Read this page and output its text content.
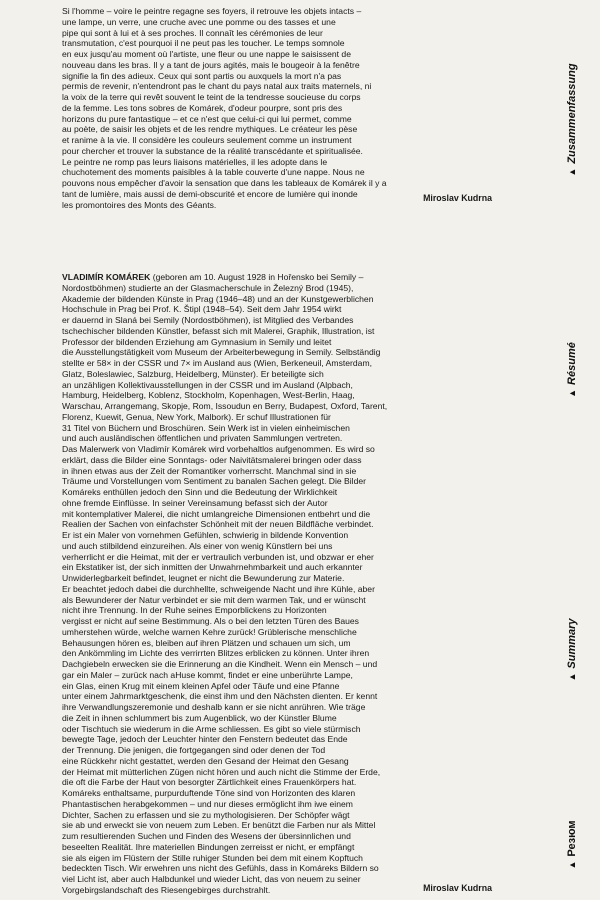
Si l'homme – voire le peintre regagne ses foyers, il retrouve les objets intacts –
une lampe, un verre, une cruche avec une pomme ou des tasses et une
pipe qui sont à lui et à ses proches. Il connaît les cérémonies de leur
transmutation, c'est pourquoi il ne peut pas les toucher. Le temps somnole
en eux jusqu'au moment où l'artiste, une fleur ou une nappe le saisissent de
nouveau dans les bras. Il y a tant de jours agités, mais le bougeoir à la fenêtre
signifie la fin des adieux. Ceux qui sont partis ou auxquels la mort n'a pas
permis de revenir, n'entendront pas le chant du pays natal aux traits maternels, ni
la voix de la terre qui revêt souvent le teint de la tendresse soucieuse du corps
de la femme. Les tons sobres de Komárek, d'odeur pourpre, sont pris des
horizons du pure fantastique – et ce n'est que celui-ci qui lui permet, comme
au poète, de saisir les objets et de les rendre mythiques. Le créateur les pèse
et ranime à la vie. Il considère les couleurs seulement comme un instrument
pour chercher et trouver la substance de la réalité transcédante et spiritualisée.
Le peintre ne romp pas leurs liaisons matérielles, il les adopte dans le
chuchotement des moments paisibles à la table couverte d'une nappe. Nous ne
pouvons nous empêcher d'avoir la sensation que dans les tableaux de Komárek il y a
tant de lumière, mais aussi de demi-obscurité et encore de lumière qui inonde
les promontoires des Monts des Géants.

Miroslav Kudrna

VLADIMÍR KOMÁREK (geboren am 10. August 1928 in Hořensko bei Semily –
Nordostböhmen) studierte an der Glasmacherschule in Železný Brod (1945),
Akademie der bildenden Künste in Prag (1946–48) und an der Kunstgewerblichen
Hochschule in Prag bei Prof. K. Štipl (1948–54). Seit dem Jahr 1954 wirkt
er dauernd in Slaná bei Semily (Nordostböhmen), ist Mitglied des Verbandes
tschechischer bildenden Künstler, befasst sich mit Malerei, Graphik, Illustration, ist
Professor der bildenden Erziehung am Gymnasium in Semily und leitet
die Ausstellungstätigkeit vom Museum der Arbeiterbewegung in Semily. Selbständig
stellte er 58× in der CSSR und 7× im Ausland aus (Wien, Berkeneuil, Amsterdam,
Glatz, Boleslawiec, Salzburg, Heidelberg, Münster). Er beteiligte sich
an unzähligen Kollektivausstellungen in der CSSR und im Ausland (Alpbach,
Hamburg, Heidelberg, Koblenz, Stockholm, Kopenhagen, West-Berlin, Haag,
Warschau, Arrangemang, Skopje, Rom, Issoudun en Berry, Budapest, Oxford, Tarent,
Florenz, Kuewit, Genua, New York, Malbork). Er schuf Illustrationen für
31 Titel von Büchern und Broschüren. Sein Werk ist in vielen einheimischen
und auch ausländischen öffentlichen und privaten Sammlungen vertreten.
Das Malerwerk von Vladimír Komárek wird vorbehaltlos aufgenommen. Es wird so
erklärt, dass die Bilder eine Sonntags- oder Naivitätsmalerei bringen oder dass
in ihnen etwas aus der Zeit der Romantiker vorherrscht. Manchmal sind in sie
Träume und Vorstellungen vom Sentiment zu banalen Sachen gelegt. Die Bilder
Komáreks enthüllen jedoch den Sinn und die Bedeutung der Wirklichkeit
ohne fremde Einflüsse. In seiner Vereinsamung befasst sich der Autor
mit kontemplativer Malerei, die nicht umlangreiche Dimensionen entbehrt und die
Realien der Sachen von einfachster Schönheit mit der neuen Bildfläche verbindet.
Er ist ein Maler von vornehmen Gefühlen, schwierig in bildende Konvention
und auch stilbildend einzureihen. Als einer von wenig Künstlern bei uns
verherrlicht er die Heimat, mit der er vertraulich verbunden ist, und obzwar er eher
ein Ekstatiker ist, der sich inmitten der Unwahrnehmbarkeit und auch erkannter
Unwiderlegbarkeit befindet, leugnet er nicht die Bewunderung zur Materie.
Er beachtet jedoch dabei die durchhellte, schweigende Nacht und ihre Kühle, aber
als Bewunderer der Natur verbindet er sie mit dem warmen Tak, und er wünscht
nicht ihre Trennung. In der Ruhe seines Emporblickens zu Horizonten
vergisst er nicht auf seine Bestimmung. Als o bei den letzten Türen des Baues
umherstehen würde, welche warnen Kehre zurück! Grüblerische menschliche
Behausungen hören es, bleiben auf ihren Plätzen und schauen um sich, um
den Ankömmling im Lichte des verrirrten Blitzes erblicken zu können. Unter ihren
Dachgiebeln erwecken sie die Erinnerung an die Kindheit. Wenn ein Mensch – und
gar ein Maler – zurück nach aHuse kommt, findet er eine unberührte Lampe,
ein Glas, einen Krug mit einem kleinen Apfel oder Täufe und eine Pfanne
unter einem Jahrmarktgeschenk, die einst ihm und den Nächsten dienten. Er kennt
ihre Verwandlungszeremonie und deshalb kann er sie nicht anrühren. Wie träge
die Zeit in ihnen schlummert bis zum Augenblick, wo der Künstler Blume
oder Tischtuch sie wiederum in die Arme schliessen. Es gibt so viele stürmisch
bewegte Tage, jedoch der Leuchter hinter den Fenstern bedeutet das Ende
der Trennung. Die jenigen, die fortgegangen sind oder denen der Tod
eine Rückkehr nicht gestattet, werden den Gesand der Heimat den Gesang
der Heimat mit mütterlichen Zügen nicht hören und auch nicht die Stimme der Erde,
die oft die Farbe der Haut von besorgter Zärtlichkeit eines Frauenkörpers hat.
Komáreks enthaltsame, purpurduftende Töne sind von Horizonten des klaren
Phantastischen herabgekommen – und nur dieses ermöglicht ihm iwe einem
Dichter, Sachen zu erfassen und sie zu mythologisieren. Der Schöpfer wägt
sie ab und erweckt sie von neuem zum Leben. Er benützt die Farben nur als Mittel
zum resultierenden Suchen und Finden des Wesens der übersinnlichen und
beseelten Realität. Ihre materiellen Bindungen zerreisst er nicht, er empfängt
sie als eigen im Flüstern der Stille ruhiger Stunden bei dem mit einem Kopftuch
bedeckten Tisch. Wir erwehren uns nicht des Gefühls, dass in Komáreks Bildern so
viel Licht ist, aber auch Halbdunkel und wieder Licht, das von neuem zu seiner
Vorgebirgslandschaft des Riesengebirges durchstrahlt.	Miroslav Kudrna

▲Zusammenfassung
▲Résumé
▲Summary
▲Резюм
